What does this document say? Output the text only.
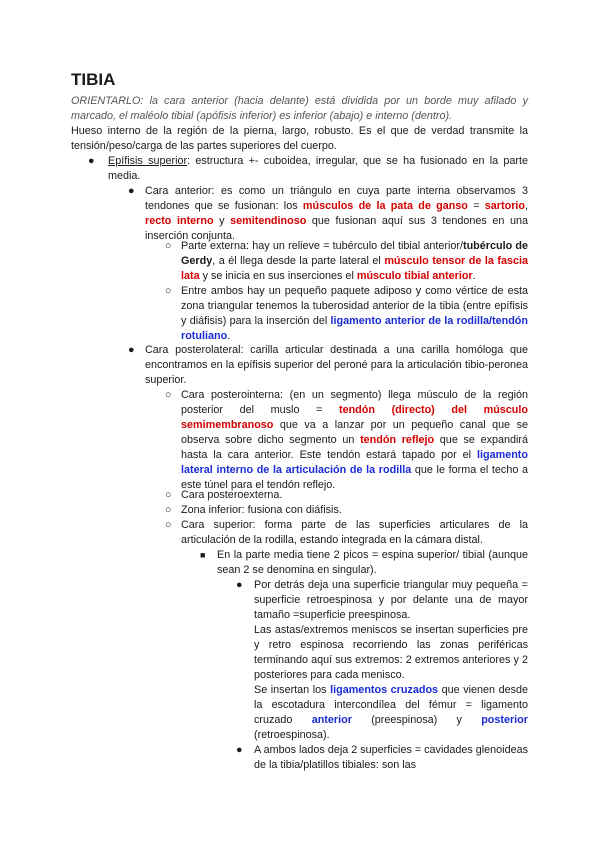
TIBIA

ORIENTARLO: la cara anterior (hacia delante) está dividida por un borde muy afilado y marcado, el maléolo tibial (apófisis inferior) es inferior (abajo) e interno (dentro).

Hueso interno de la región de la pierna, largo, robusto. Es el que de verdad transmite la tensión/peso/carga de las partes superiores del cuerpo.

● Epífisis superior: estructura +- cuboidea, irregular, que se ha fusionado en la parte media.

● Cara anterior: es como un triángulo en cuya parte interna observamos 3 tendones que se fusionan: los músculos de la pata de ganso = sartorio, recto interno y semitendinoso que fusionan aquí sus 3 tendones en una inserción conjunta.

○ Parte externa: hay un relieve = tubérculo del tibial anterior/tubérculo de Gerdy, a él llega desde la parte lateral el músculo tensor de la fascia lata y se inicia en sus inserciones el músculo tibial anterior.

○ Entre ambos hay un pequeño paquete adiposo y como vértice de esta zona triangular tenemos la tuberosidad anterior de la tibia (entre epífisis y diáfisis) para la inserción del ligamento anterior de la rodilla/tendón rotuliano.

● Cara posterolateral: carilla articular destinada a una carilla homóloga que encontramos en la epífisis superior del peroné para la articulación tibio-peronea superior.

○ Cara posterointerna: (en un segmento) llega músculo de la región posterior del muslo = tendón (directo) del músculo semimembranoso que va a lanzar por un pequeño canal que se observa sobre dicho segmento un tendón reflejo que se expandirá hasta la cara anterior. Este tendón estará tapado por el ligamento lateral interno de la articulación de la rodilla que le forma el techo a este túnel para el tendón reflejo.

○ Cara posteroexterna.

○ Zona inferior: fusiona con diáfisis.

○ Cara superior: forma parte de las superficies articulares de la articulación de la rodilla, estando integrada en la cámara distal.

■ En la parte media tiene 2 picos = espina superior/ tibial (aunque sean 2 se denomina en singular).

● Por detrás deja una superficie triangular muy pequeña = superficie retroespinosa y por delante una de mayor tamaño =superficie preespinosa.

Las astas/extremos meniscos se insertan superficies pre y retro espinosa recorriendo las zonas periféricas terminando aquí sus extremos: 2 extremos anteriores y 2 posteriores para cada menisco.

Se insertan los ligamentos cruzados que vienen desde la escotadura intercondílea del fémur = ligamento cruzado anterior (preespinosa) y posterior (retroespinosa).

● A ambos lados deja 2 superficies = cavidades glenoideas de la tibia/platillos tibiales: son las
